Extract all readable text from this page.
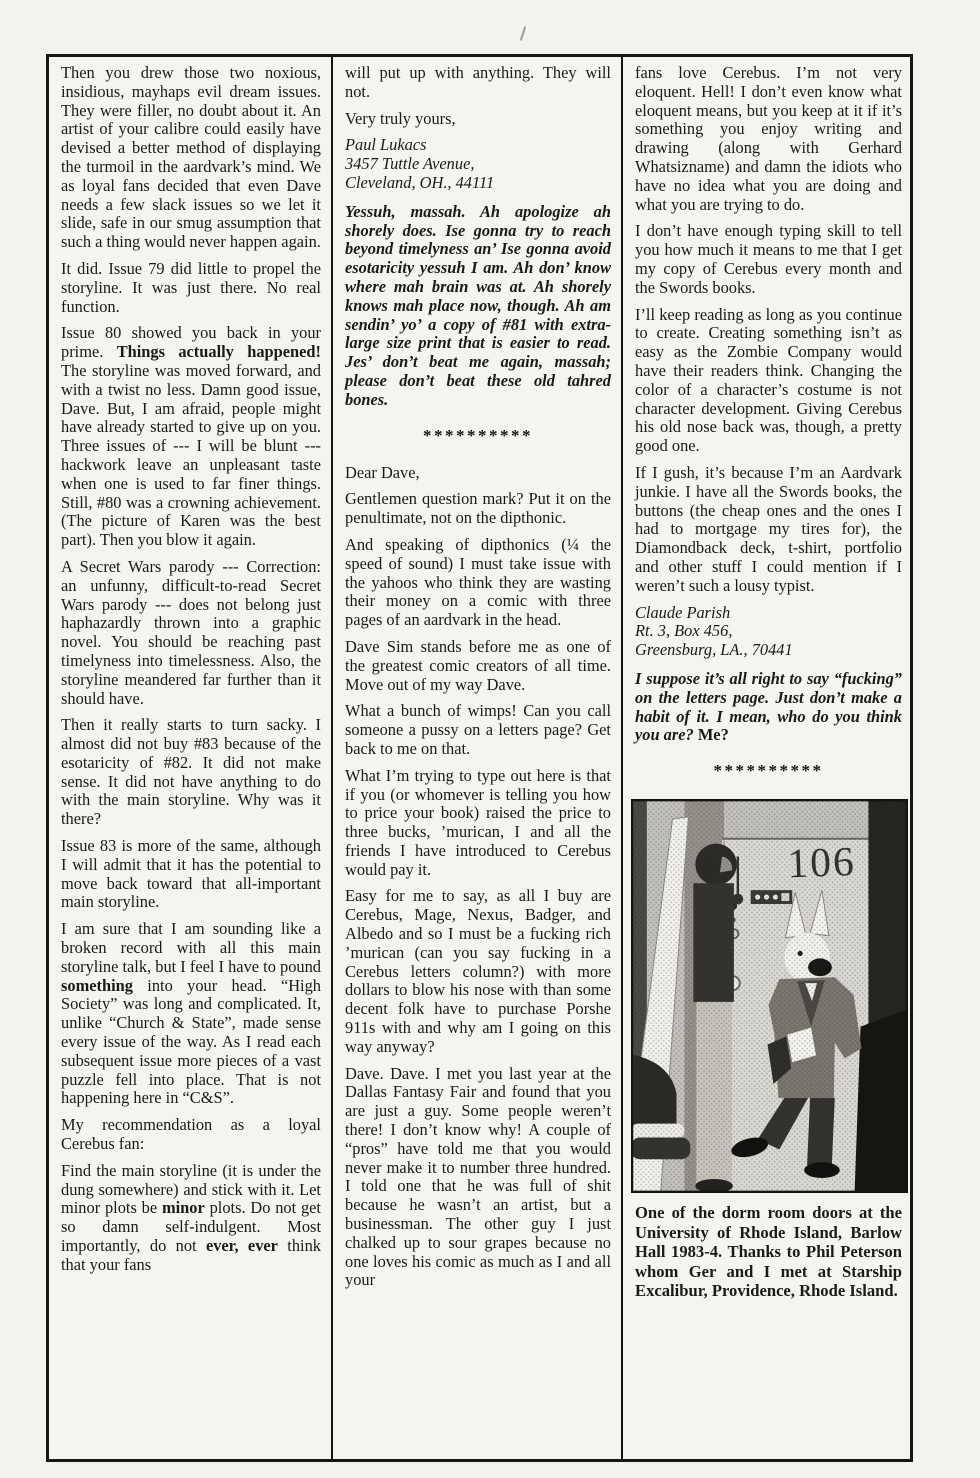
Then you drew those two noxious, insidious, mayhaps evil dream issues. They were filler, no doubt about it. An artist of your calibre could easily have devised a better method of displaying the turmoil in the aardvark’s mind. We as loyal fans decided that even Dave needs a few slack issues so we let it slide, safe in our smug assumption that such a thing would never happen again.

It did. Issue 79 did little to propel the storyline. It was just there. No real function.

Issue 80 showed you back in your prime. Things actually happened! The storyline was moved forward, and with a twist no less. Damn good issue, Dave. But, I am afraid, people might have already started to give up on you. Three issues of --- I will be blunt --- hackwork leave an unpleasant taste when one is used to far finer things. Still, #80 was a crowning achievement. (The picture of Karen was the best part). Then you blow it again.

A Secret Wars parody --- Correction: an unfunny, difficult-to-read Secret Wars parody --- does not belong just haphazardly thrown into a graphic novel. You should be reaching past timelyness into timelessness. Also, the storyline meandered far further than it should have.

Then it really starts to turn sacky. I almost did not buy #83 because of the esotaricity of #82. It did not make sense. It did not have anything to do with the main storyline. Why was it there?

Issue 83 is more of the same, although I will admit that it has the potential to move back toward that all-important main storyline.

I am sure that I am sounding like a broken record with all this main storyline talk, but I feel I have to pound something into your head. “High Society” was long and complicated. It, unlike “Church & State”, made sense every issue of the way. As I read each subsequent issue more pieces of a vast puzzle fell into place. That is not happening here in “C&S”.

My recommendation as a loyal Cerebus fan:

Find the main storyline (it is under the dung somewhere) and stick with it. Let minor plots be minor plots. Do not get so damn self-indulgent. Most importantly, do not ever, ever think that your fans

will put up with anything. They will not.

Very truly yours,

Paul Lukacs
3457 Tuttle Avenue,
Cleveland, OH., 44111

Yessuh, massah. Ah apologize ah shorely does. Ise gonna try to reach beyond timelyness an’ Ise gonna avoid esotaricity yessuh I am. Ah don’ know where mah brain was at. Ah shorely knows mah place now, though. Ah am sendin’ yo’ a copy of #81 with extra-large size print that is easier to read. Jes’ don’t beat me again, massah; please don’t beat these old tahred bones.

**********

Dear Dave,

Gentlemen question mark? Put it on the penultimate, not on the dipthonic.

And speaking of dipthonics (¼ the speed of sound) I must take issue with the yahoos who think they are wasting their money on a comic with three pages of an aardvark in the head.

Dave Sim stands before me as one of the greatest comic creators of all time. Move out of my way Dave.

What a bunch of wimps! Can you call someone a pussy on a letters page? Get back to me on that.

What I’m trying to type out here is that if you (or whomever is telling you how to price your book) raised the price to three bucks, ’murican, I and all the friends I have introduced to Cerebus would pay it.

Easy for me to say, as all I buy are Cerebus, Mage, Nexus, Badger, and Albedo and so I must be a fucking rich ’murican (can you say fucking in a Cerebus letters column?) with more dollars to blow his nose with than some decent folk have to purchase Porshe 911s with and why am I going on this way anyway?

Dave. Dave. I met you last year at the Dallas Fantasy Fair and found that you are just a guy. Some people weren’t there! I don’t know why! A couple of “pros” have told me that you would never make it to number three hundred. I told one that he was full of shit because he wasn’t an artist, but a businessman. The other guy I just chalked up to sour grapes because no one loves his comic as much as I and all your

fans love Cerebus. I’m not very eloquent. Hell! I don’t even know what eloquent means, but you keep at it if it’s something you enjoy writing and drawing (along with Gerhard Whatsizname) and damn the idiots who have no idea what you are doing and what you are trying to do.

I don’t have enough typing skill to tell you how much it means to me that I get my copy of Cerebus every month and the Swords books.

I’ll keep reading as long as you continue to create. Creating something isn’t as easy as the Zombie Company would have their readers think. Changing the color of a character’s costume is not character development. Giving Cerebus his old nose back was, though, a pretty good one.

If I gush, it’s because I’m an Aardvark junkie. I have all the Swords books, the buttons (the cheap ones and the ones I had to mortgage my tires for), the Diamondback deck, t-shirt, portfolio and other stuff I could mention if I weren’t such a lousy typist.

Claude Parish
Rt. 3, Box 456,
Greensburg, LA., 70441

I suppose it’s all right to say “fucking” on the letters page. Just don’t make a habit of it. I mean, who do you think you are? Me?

**********
106

One of the dorm room doors at the University of Rhode Island, Barlow Hall 1983-4. Thanks to Phil Peterson whom Ger and I met at Starship Excalibur, Providence, Rhode Island.
